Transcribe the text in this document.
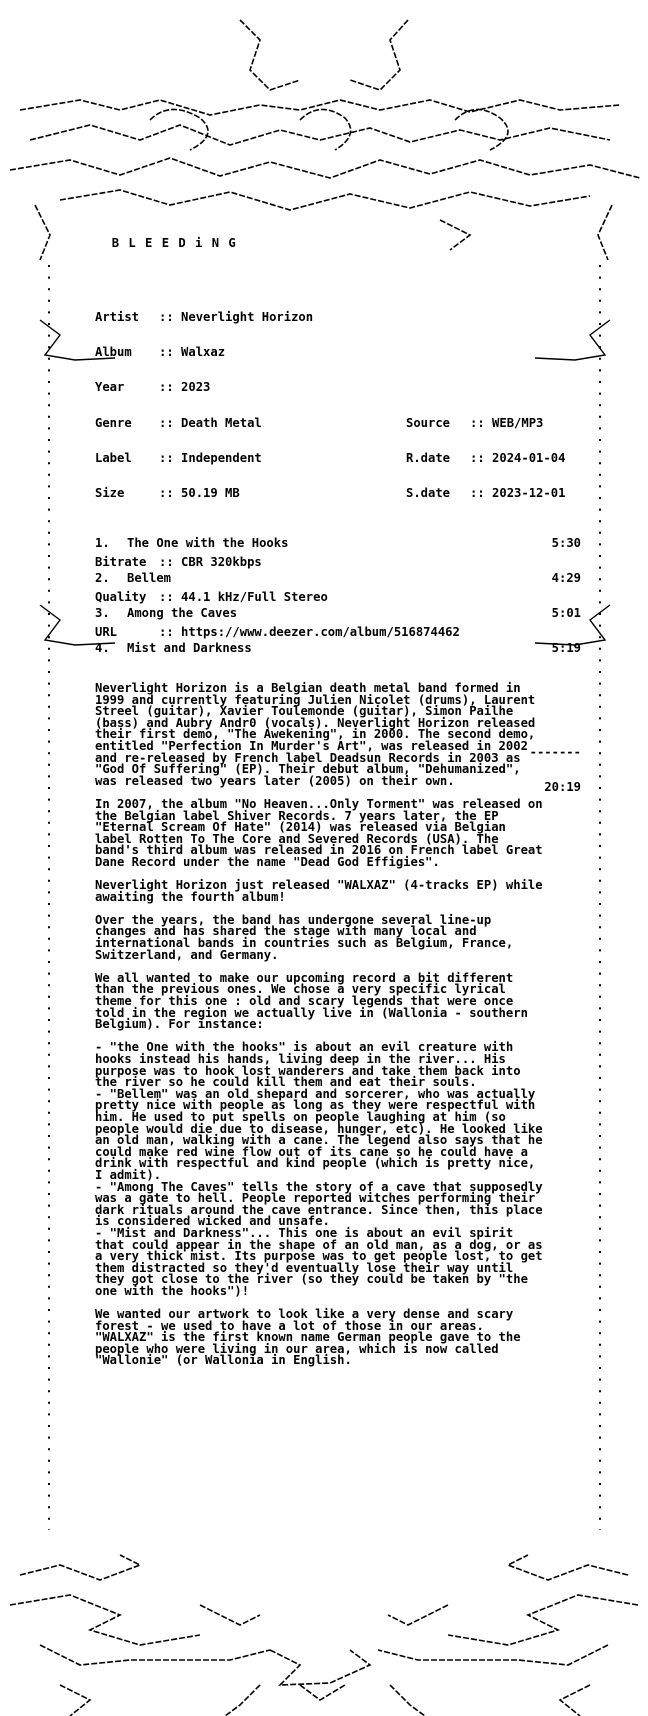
B L E E D i N G

Artist :: Neverlight Horizon

Album :: Walxaz

Year	:: 2023

Genre :: Death Metal

Label :: Independent

Size	:: 50.19 MB

Bitrate :: CBR 320kbps

Quality :: 44.1 kHz/Full Stereo

URL	:: https://www.deezer.com/album/516874462

Source :: WEB/MP3

R.date :: 2024-01-04

S.date :: 2023-12-01

1.	The One with the Hooks	5:30

2.	Bellem	4:29

3.	Among the Caves	5:01

4.	Mist and Darkness	5:19

-------

20:19

Neverlight Horizon is a Belgian death metal band formed in
1999 and currently featuring Julien Nicolet (drums), Laurent
Streel (guitar), Xavier Toulemonde (guitar), Simon Pailhe
(bass) and Aubry Andr0 (vocals). Neverlight Horizon released
their first demo, "The Awekening", in 2000. The second demo,
entitled "Perfection In Murder's Art", was released in 2002
and re-released by French label Deadsun Records in 2003 as
"God Of Suffering" (EP). Their debut album, "Dehumanized",
was released two years later (2005) on their own.

In 2007, the album "No Heaven...Only Torment" was released on
the Belgian label Shiver Records. 7 years later, the EP
"Eternal Scream Of Hate" (2014) was released via Belgian
label Rotten To The Core and Severed Records (USA). The
band's third album was released in 2016 on French label Great
Dane Record under the name "Dead God Effigies".

Neverlight Horizon just released "WALXAZ" (4-tracks EP) while
awaiting the fourth album!

Over the years, the band has undergone several line-up
changes and has shared the stage with many local and
international bands in countries such as Belgium, France,
Switzerland, and Germany.

We all wanted to make our upcoming record a bit different
than the previous ones. We chose a very specific lyrical
theme for this one : old and scary legends that were once
told in the region we actually live in (Wallonia - southern
Belgium). For instance:

- "the One with the hooks" is about an evil creature with
hooks instead his hands, living deep in the river... His
purpose was to hook lost wanderers and take them back into
the river so he could kill them and eat their souls.
- "Bellem" was an old shepard and sorcerer, who was actually
pretty nice with people as long as they were respectful with
him. He used to put spells on people laughing at him (so
people would die due to disease, hunger, etc). He looked like
an old man, walking with a cane. The legend also says that he
could make red wine flow out of its cane so he could have a
drink with respectful and kind people (which is pretty nice,
I admit).
- "Among The Caves" tells the story of a cave that supposedly
was a gate to hell. People reported witches performing their
dark rituals around the cave entrance. Since then, this place
is considered wicked and unsafe.
- "Mist and Darkness"... This one is about an evil spirit
that could appear in the shape of an old man, as a dog, or as
a very thick mist. Its purpose was to get people lost, to get
them distracted so they'd eventually lose their way until
they got close to the river (so they could be taken by "the
one with the hooks")!

We wanted our artwork to look like a very dense and scary
forest - we used to have a lot of those in our areas.
"WALXAZ" is the first known name German people gave to the
people who were living in our area, which is now called
"Wallonie" (or Wallonia in English.
